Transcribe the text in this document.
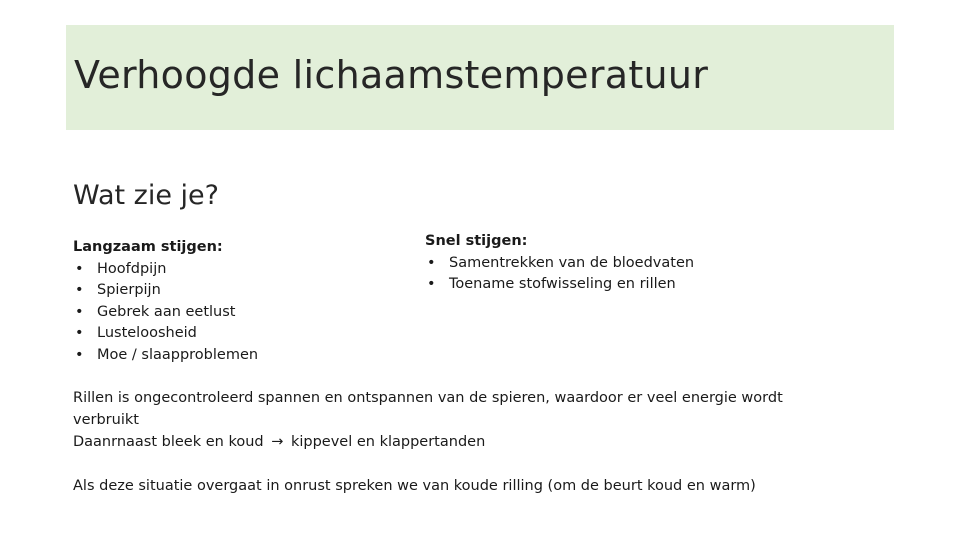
Verhoogde lichaamstemperatuur
Wat zie je?
Langzaam stijgen:
• Hoofdpijn
• Spierpijn
• Gebrek aan eetlust
• Lusteloosheid
• Moe / slaapproblemen
Snel stijgen:
• Samentrekken van de bloedvaten
• Toename stofwisseling en rillen
Rillen is ongecontroleerd spannen en ontspannen van de spieren, waardoor er veel energie wordt verbruikt
Daanrnaast bleek en koud → kippevel en klappertanden
Als deze situatie overgaat in onrust spreken we van koude rilling (om de beurt koud en warm)
